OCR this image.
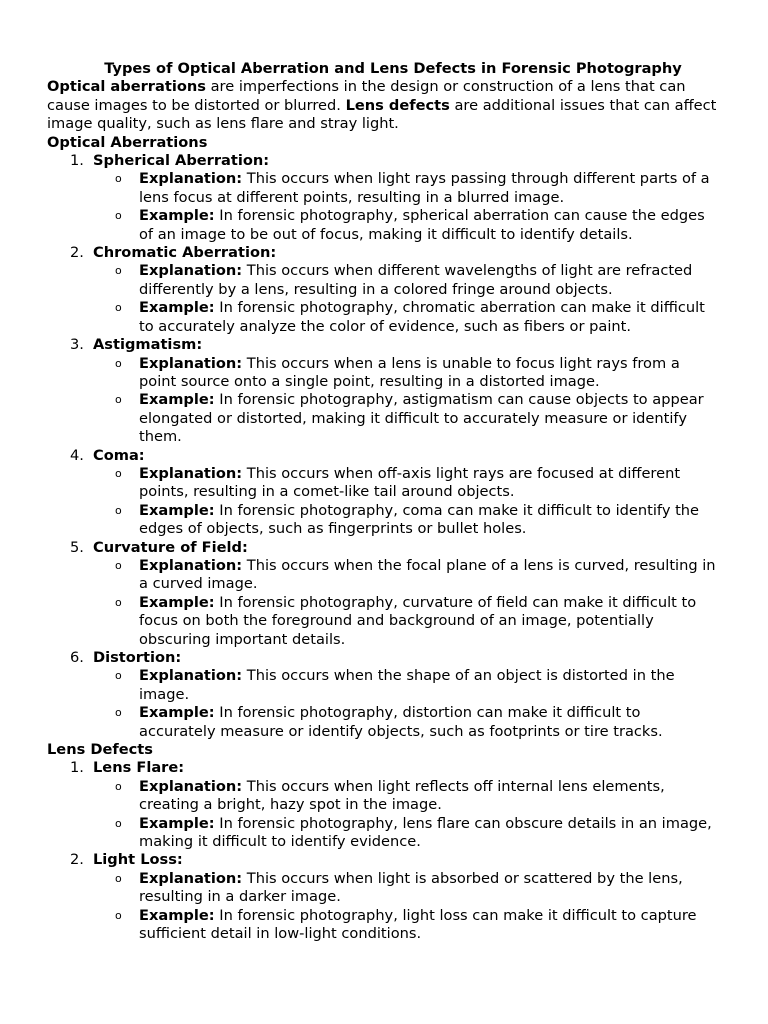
Types of Optical Aberration and Lens Defects in Forensic Photography

Optical aberrations are imperfections in the design or construction of a lens that can cause images to be distorted or blurred. Lens defects are additional issues that can affect image quality, such as lens flare and stray light.

Optical Aberrations
1. Spherical Aberration:
o Explanation: This occurs when light rays passing through different parts of a lens focus at different points, resulting in a blurred image.
o Example: In forensic photography, spherical aberration can cause the edges of an image to be out of focus, making it difficult to identify details.
2. Chromatic Aberration:
o Explanation: This occurs when different wavelengths of light are refracted differently by a lens, resulting in a colored fringe around objects.
o Example: In forensic photography, chromatic aberration can make it difficult to accurately analyze the color of evidence, such as fibers or paint.
3. Astigmatism:
o Explanation: This occurs when a lens is unable to focus light rays from a point source onto a single point, resulting in a distorted image.
o Example: In forensic photography, astigmatism can cause objects to appear elongated or distorted, making it difficult to accurately measure or identify them.
4. Coma:
o Explanation: This occurs when off-axis light rays are focused at different points, resulting in a comet-like tail around objects.
o Example: In forensic photography, coma can make it difficult to identify the edges of objects, such as fingerprints or bullet holes.
5. Curvature of Field:
o Explanation: This occurs when the focal plane of a lens is curved, resulting in a curved image.
o Example: In forensic photography, curvature of field can make it difficult to focus on both the foreground and background of an image, potentially obscuring important details.
6. Distortion:
o Explanation: This occurs when the shape of an object is distorted in the image.
o Example: In forensic photography, distortion can make it difficult to accurately measure or identify objects, such as footprints or tire tracks.
Lens Defects
1. Lens Flare:
o Explanation: This occurs when light reflects off internal lens elements, creating a bright, hazy spot in the image.
o Example: In forensic photography, lens flare can obscure details in an image, making it difficult to identify evidence.
2. Light Loss:
o Explanation: This occurs when light is absorbed or scattered by the lens, resulting in a darker image.
o Example: In forensic photography, light loss can make it difficult to capture sufficient detail in low-light conditions.
